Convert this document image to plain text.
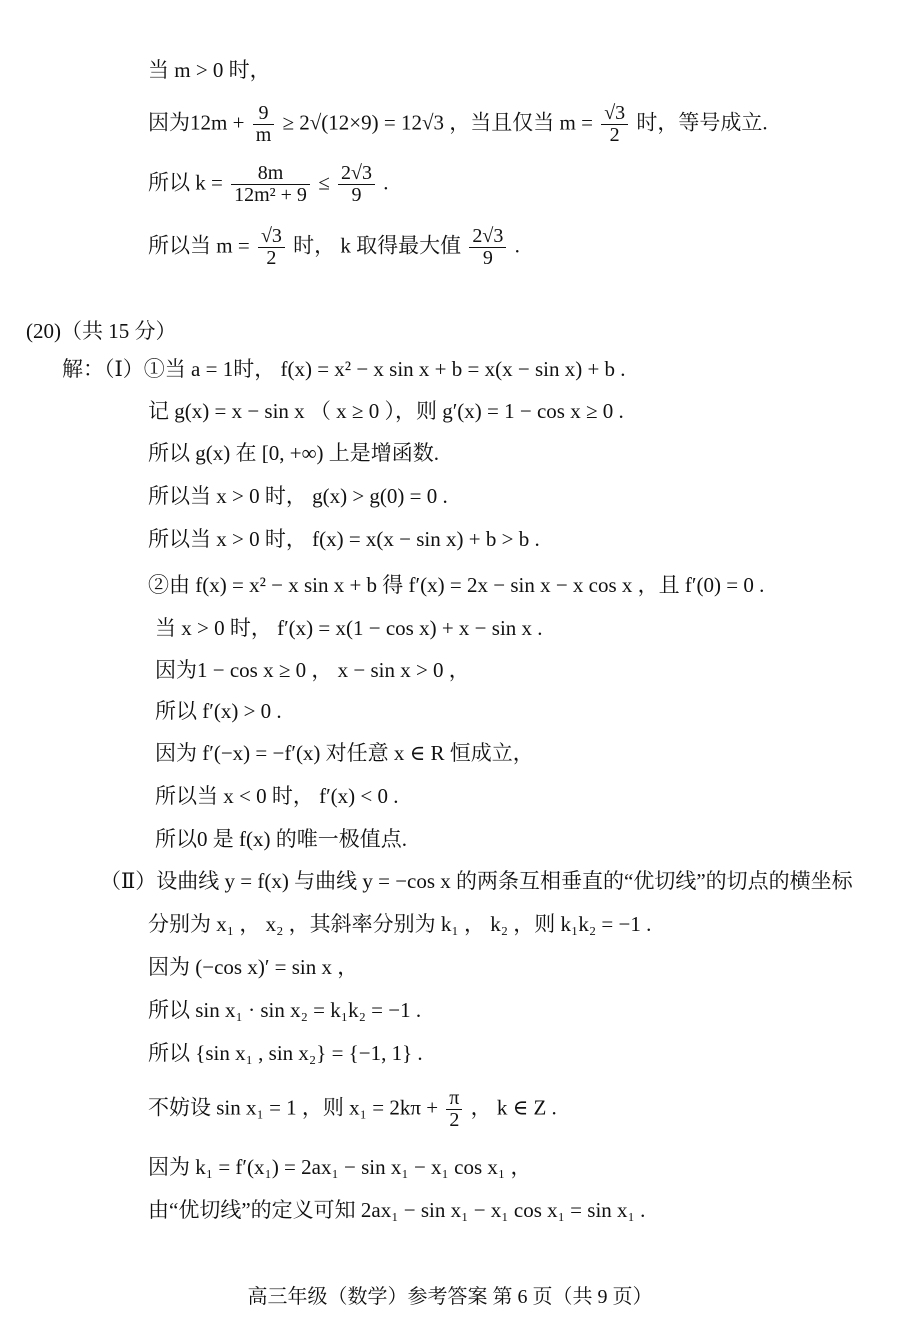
当 m > 0 时，
因为$12m + \frac{9}{m} \ge 2√(12\times 9) = 12√3$ ，当且仅当 $m = \frac{√3}{2}$ 时，等号成立.
所以 $k = \frac{8m}{\text{12m² + 9}} \le \frac{2√3}{9}$ .
所以当 $m = \frac{√3}{2}$ 时， k 取得最大值 $\frac{2√3}{9}$ .
(20)（共 15 分）
解：（Ⅰ）①当 a = 1时， f(x) = x² − x sin x + b = x(x − sin x) + b .
记 g(x) = x − sin x （ x ≥ 0 ），则 g′(x) = 1 − cos x ≥ 0 .
所以 g(x) 在 [0, +∞) 上是增函数.
所以当 x > 0 时， g(x) > g(0) = 0 .
所以当 x > 0 时， f(x) = x(x − sin x) + b > b .
②由 f(x) = x² − x sin x + b 得 f′(x) = 2x − sin x − x cos x ，且 f′(0) = 0 .
当 x > 0 时， f′(x) = x(1 − cos x) + x − sin x .
因为1 − cos x ≥ 0 ， x − sin x > 0 ，
所以 f′(x) > 0 .
因为 f′(−x) = −f′(x) 对任意 x ∈ R 恒成立，
所以当 x < 0 时， f′(x) < 0 .
所以0 是 f(x) 的唯一极值点.
（Ⅱ）设曲线 y = f(x) 与曲线 y = −cos x 的两条互相垂直的“优切线”的切点的横坐标
分别为 x₁ ， x₂ ，其斜率分别为 k₁ ， k₂ ，则 k₁k₂ = −1 .
因为 (−cos x)′ = sin x ，
所以 sin x₁ · sin x₂ = k₁k₂ = −1 .
所以 {sin x₁ , sin x₂} = {−1, 1} .
不妨设 sin x₁ = 1 ，则 $x_1 = 2k\pi + \frac{\pi}{2}$ ， k ∈ Z .
因为 k₁ = f′(x₁) = 2ax₁ − sin x₁ − x₁ cos x₁ ，
由“优切线”的定义可知 2ax₁ − sin x₁ − x₁ cos x₁ = sin x₁ .
高三年级（数学）参考答案 第 6 页（共 9 页）
